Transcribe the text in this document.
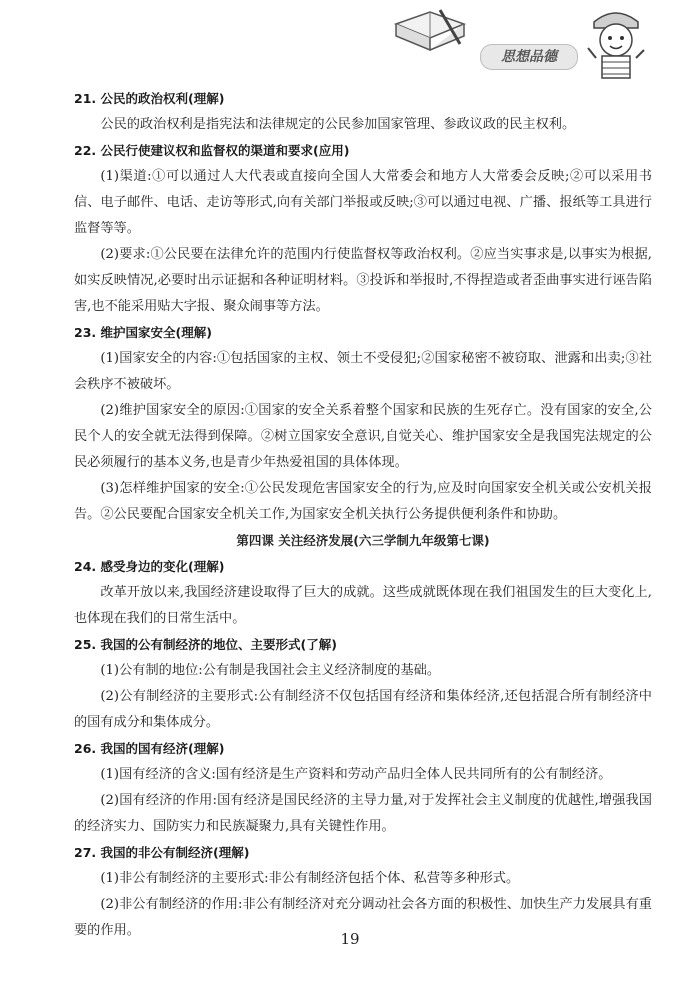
思想品德

21. 公民的政治权利(理解)

公民的政治权利是指宪法和法律规定的公民参加国家管理、参政议政的民主权利。

22. 公民行使建议权和监督权的渠道和要求(应用)

(1)渠道:①可以通过人大代表或直接向全国人大常委会和地方人大常委会反映;②可以采用书信、电子邮件、电话、走访等形式,向有关部门举报或反映;③可以通过电视、广播、报纸等工具进行监督等等。

(2)要求:①公民要在法律允许的范围内行使监督权等政治权利。②应当实事求是,以事实为根据,如实反映情况,必要时出示证据和各种证明材料。③投诉和举报时,不得捏造或者歪曲事实进行诬告陷害,也不能采用贴大字报、聚众闹事等方法。

23. 维护国家安全(理解)

(1)国家安全的内容:①包括国家的主权、领土不受侵犯;②国家秘密不被窃取、泄露和出卖;③社会秩序不被破坏。

(2)维护国家安全的原因:①国家的安全关系着整个国家和民族的生死存亡。没有国家的安全,公民个人的安全就无法得到保障。②树立国家安全意识,自觉关心、维护国家安全是我国宪法规定的公民必须履行的基本义务,也是青少年热爱祖国的具体体现。

(3)怎样维护国家的安全:①公民发现危害国家安全的行为,应及时向国家安全机关或公安机关报告。②公民要配合国家安全机关工作,为国家安全机关执行公务提供便利条件和协助。

第四课 关注经济发展(六三学制九年级第七课)

24. 感受身边的变化(理解)

改革开放以来,我国经济建设取得了巨大的成就。这些成就既体现在我们祖国发生的巨大变化上,也体现在我们的日常生活中。

25. 我国的公有制经济的地位、主要形式(了解)

(1)公有制的地位:公有制是我国社会主义经济制度的基础。

(2)公有制经济的主要形式:公有制经济不仅包括国有经济和集体经济,还包括混合所有制经济中的国有成分和集体成分。

26. 我国的国有经济(理解)

(1)国有经济的含义:国有经济是生产资料和劳动产品归全体人民共同所有的公有制经济。

(2)国有经济的作用:国有经济是国民经济的主导力量,对于发挥社会主义制度的优越性,增强我国的经济实力、国防实力和民族凝聚力,具有关键性作用。

27. 我国的非公有制经济(理解)

(1)非公有制经济的主要形式:非公有制经济包括个体、私营等多种形式。

(2)非公有制经济的作用:非公有制经济对充分调动社会各方面的积极性、加快生产力发展具有重要的作用。	19
